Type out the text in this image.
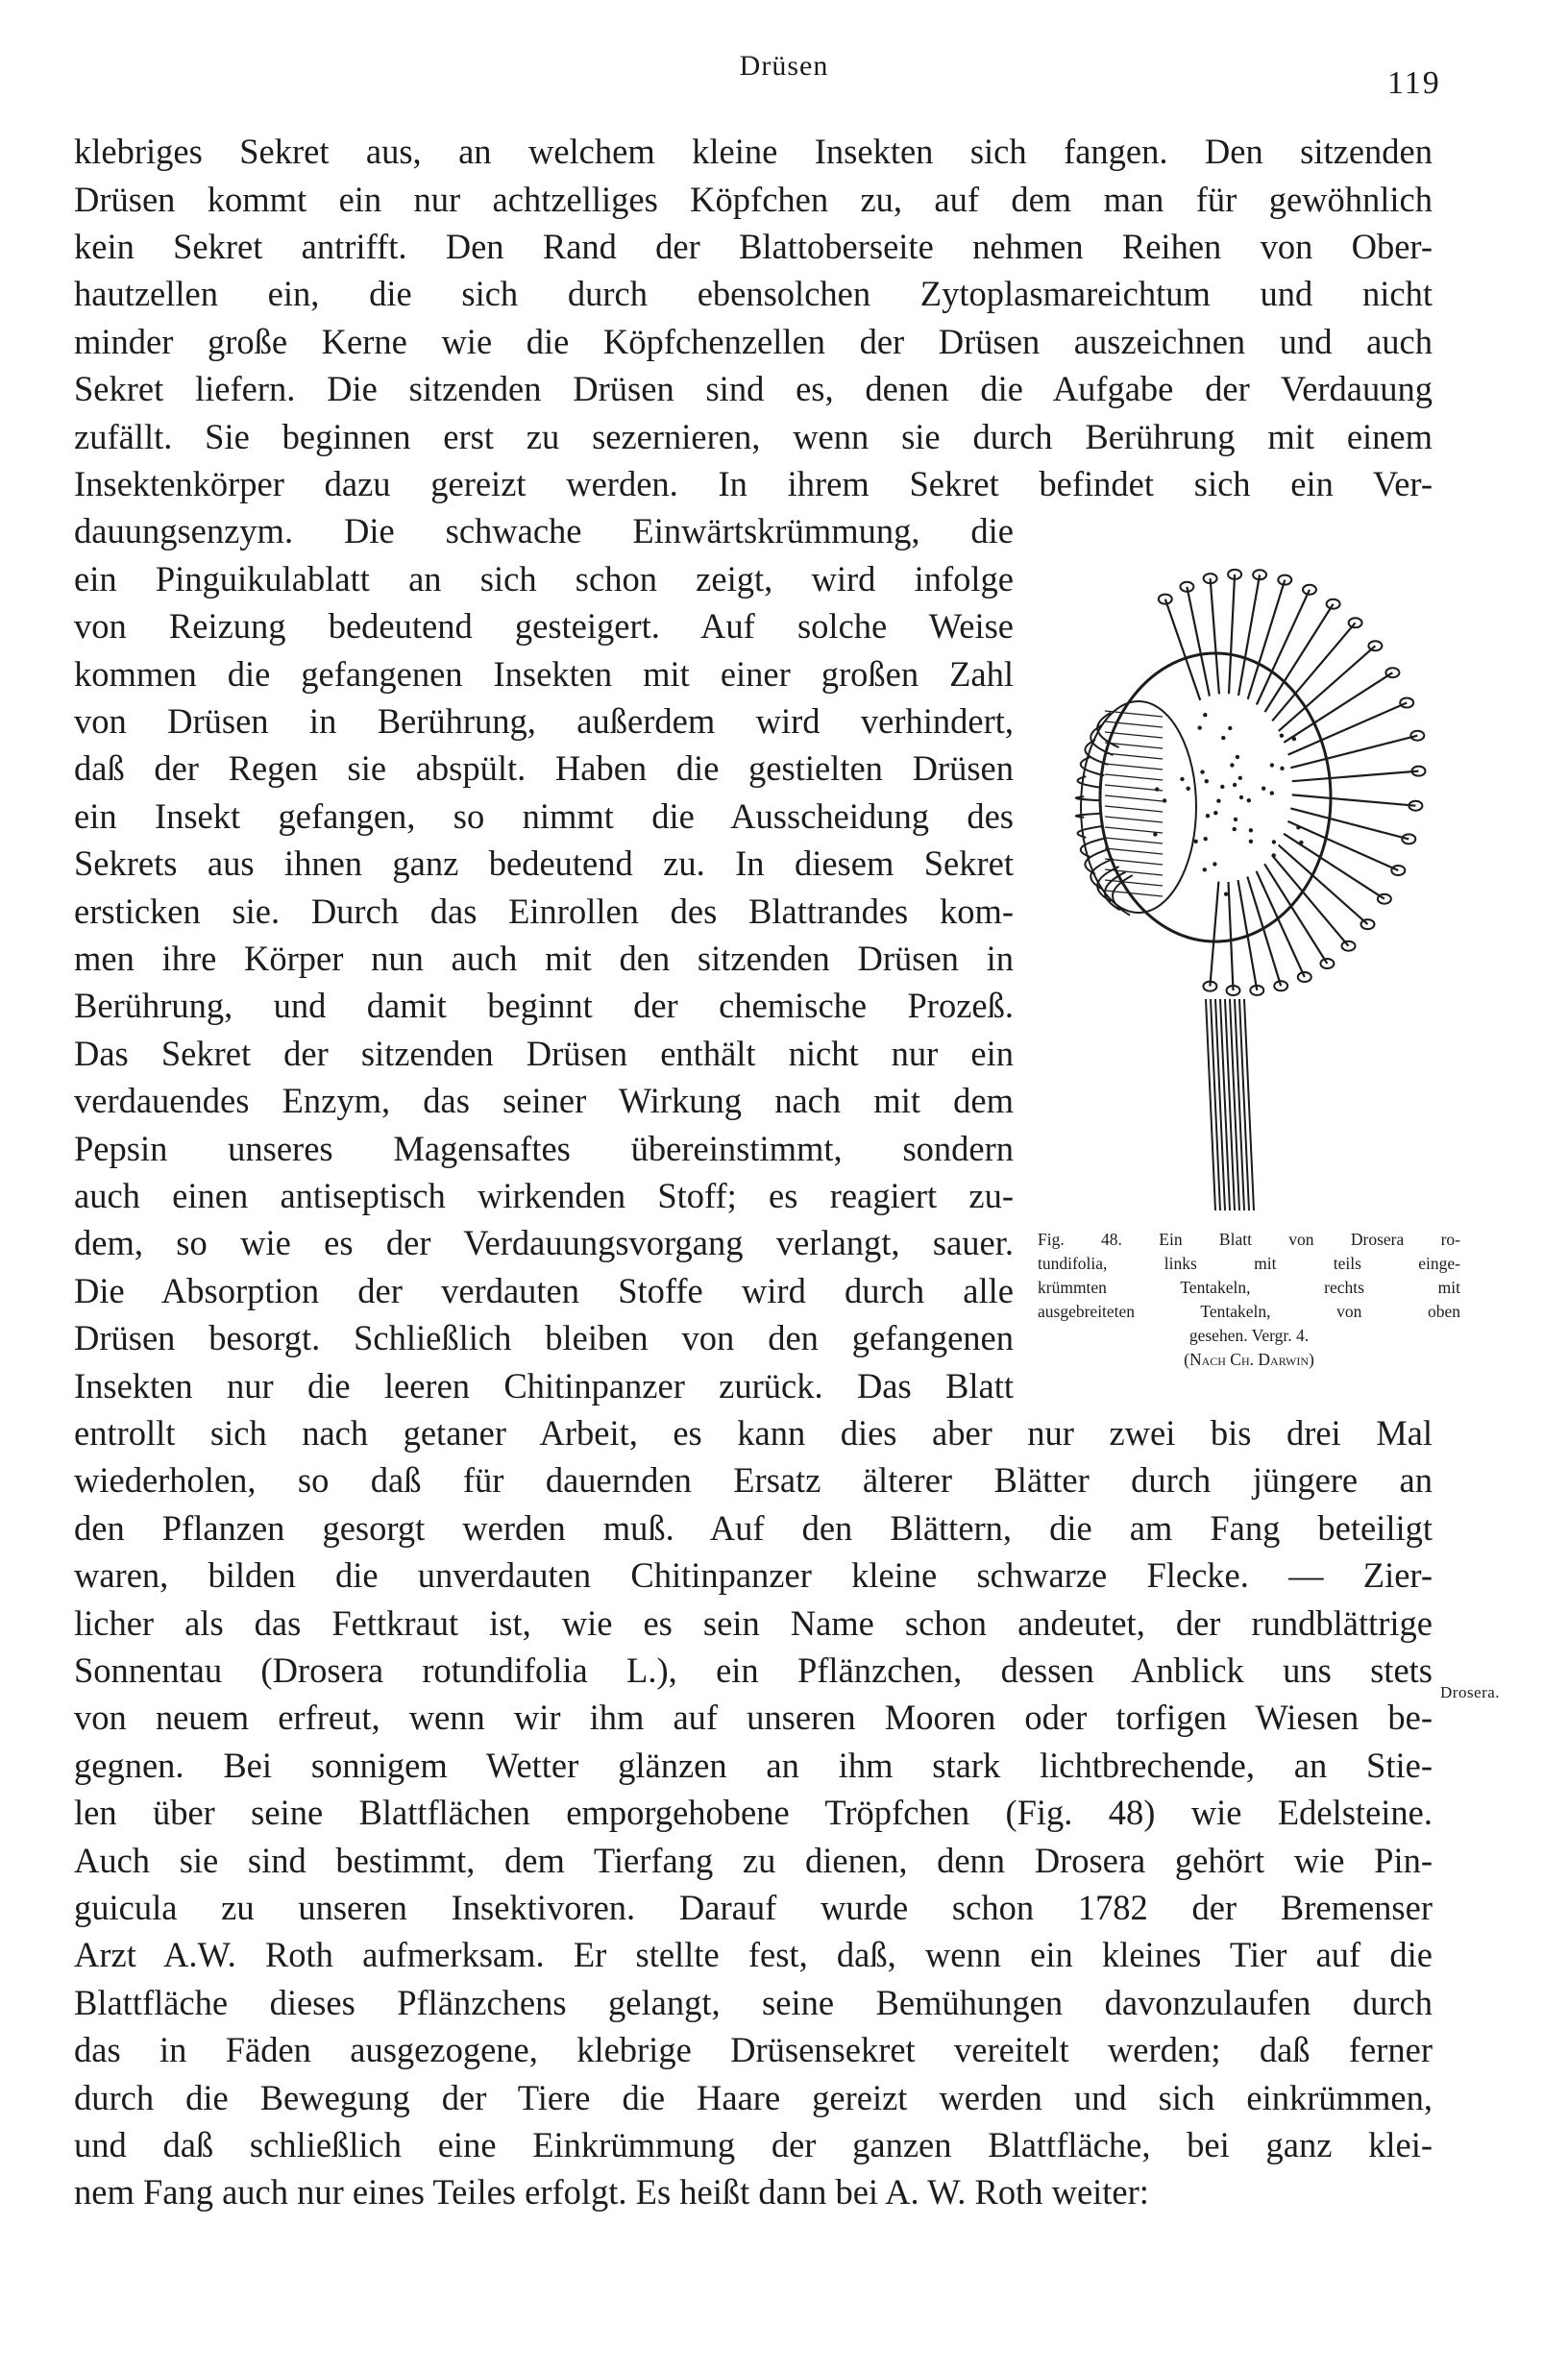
Drüsen	119
klebriges Sekret aus, an welchem kleine Insekten sich fangen. Den sitzenden
Drüsen kommt ein nur achtzelliges Köpfchen zu, auf dem man für gewöhnlich
kein Sekret antrifft. Den Rand der Blattoberseite nehmen Reihen von Ober-
hautzellen ein, die sich durch ebensolchen Zytoplasmareichtum und nicht
minder große Kerne wie die Köpfchenzellen der Drüsen auszeichnen und auch
Sekret liefern. Die sitzenden Drüsen sind es, denen die Aufgabe der Verdauung
zufällt. Sie beginnen erst zu sezernieren, wenn sie durch Berührung mit einem
Insektenkörper dazu gereizt werden. In ihrem Sekret befindet sich ein Ver-
dauungsenzym. Die schwache Einwärtskrümmung, die
ein Pinguikulablatt an sich schon zeigt, wird infolge
von Reizung bedeutend gesteigert. Auf solche Weise
kommen die gefangenen Insekten mit einer großen Zahl
von Drüsen in Berührung, außerdem wird verhindert,
daß der Regen sie abspült. Haben die gestielten Drüsen
ein Insekt gefangen, so nimmt die Ausscheidung des
Sekrets aus ihnen ganz bedeutend zu. In diesem Sekret
ersticken sie. Durch das Einrollen des Blattrandes kom-
men ihre Körper nun auch mit den sitzenden Drüsen in
Berührung, und damit beginnt der chemische Prozeß.
Das Sekret der sitzenden Drüsen enthält nicht nur ein
verdauendes Enzym, das seiner Wirkung nach mit dem
Pepsin unseres Magensaftes übereinstimmt, sondern
auch einen antiseptisch wirkenden Stoff; es reagiert zu-
dem, so wie es der Verdauungsvorgang verlangt, sauer.
Die Absorption der verdauten Stoffe wird durch alle
Drüsen besorgt. Schließlich bleiben von den gefangenen
Insekten nur die leeren Chitinpanzer zurück. Das Blatt
entrollt sich nach getaner Arbeit, es kann dies aber nur zwei bis drei Mal
wiederholen, so daß für dauernden Ersatz älterer Blätter durch jüngere an
den Pflanzen gesorgt werden muß. Auf den Blättern, die am Fang beteiligt
waren, bilden die unverdauten Chitinpanzer kleine schwarze Flecke. — Zier-
licher als das Fettkraut ist, wie es sein Name schon andeutet, der rundblättrige
Sonnentau (Drosera rotundifolia L.), ein Pflänzchen, dessen Anblick uns stets
von neuem erfreut, wenn wir ihm auf unseren Mooren oder torfigen Wiesen be-
gegnen. Bei sonnigem Wetter glänzen an ihm stark lichtbrechende, an Stie-
len über seine Blattflächen emporgehobene Tröpfchen (Fig. 48) wie Edelsteine.
Auch sie sind bestimmt, dem Tierfang zu dienen, denn Drosera gehört wie Pin-
guicula zu unseren Insektivoren. Darauf wurde schon 1782 der Bremenser
Arzt A.W. Roth aufmerksam. Er stellte fest, daß, wenn ein kleines Tier auf die
Blattfläche dieses Pflänzchens gelangt, seine Bemühungen davonzulaufen durch
das in Fäden ausgezogene, klebrige Drüsensekret vereitelt werden; daß ferner
durch die Bewegung der Tiere die Haare gereizt werden und sich einkrümmen,
und daß schließlich eine Einkrümmung der ganzen Blattfläche, bei ganz klei-
nem Fang auch nur eines Teiles erfolgt. Es heißt dann bei A. W. Roth weiter:
Drosera.
Fig. 48. Ein Blatt von Drosera ro-
tundifolia, links mit teils einge-
krümmten Tentakeln, rechts mit
ausgebreiteten Tentakeln, von oben
gesehen. Vergr. 4.
(Nach Ch. Darwin)
